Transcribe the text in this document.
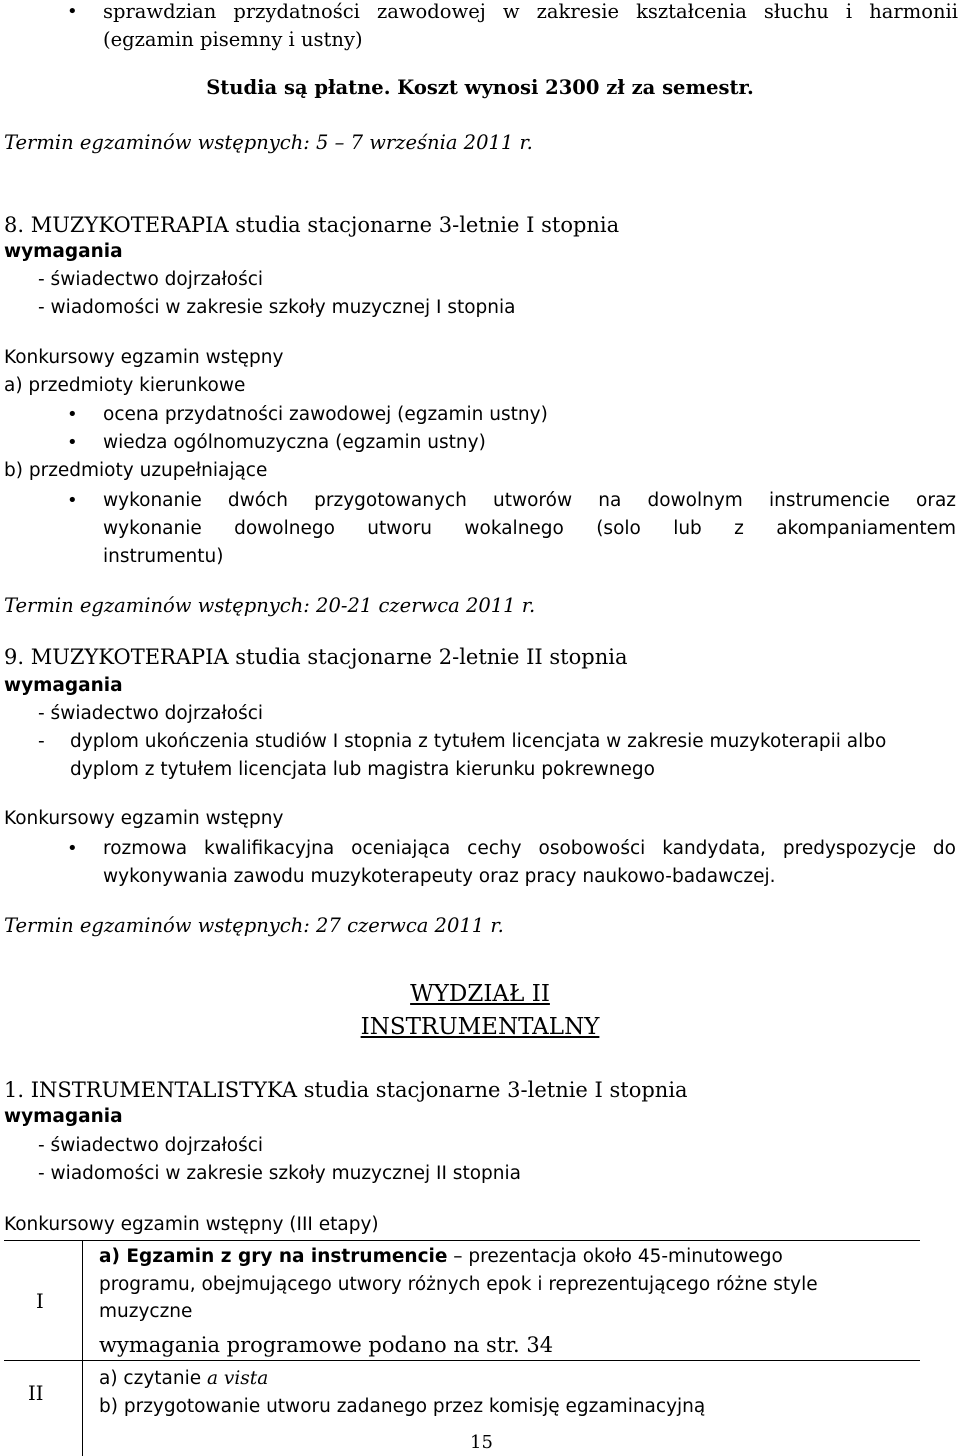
• sprawdzian przydatności zawodowej w zakresie kształcenia słuchu i harmonii
(egzamin pisemny i ustny)
Studia są płatne. Koszt wynosi 2300 zł za semestr.
Termin egzaminów wstępnych: 5 – 7 września 2011 r.
8. MUZYKOTERAPIA studia stacjonarne 3-letnie I stopnia
wymagania
- świadectwo dojrzałości
- wiadomości w zakresie szkoły muzycznej I stopnia
Konkursowy egzamin wstępny
a) przedmioty kierunkowe
• ocena przydatności zawodowej (egzamin ustny)
• wiedza ogólnomuzyczna (egzamin ustny)
b) przedmioty uzupełniające
• wykonanie dwóch przygotowanych utworów na dowolnym instrumencie oraz
wykonanie dowolnego utworu wokalnego (solo lub z akompaniamentem
instrumentu)
Termin egzaminów wstępnych: 20-21 czerwca 2011 r.
9. MUZYKOTERAPIA studia stacjonarne 2-letnie II stopnia
wymagania
- świadectwo dojrzałości
- dyplom ukończenia studiów I stopnia z tytułem licencjata w zakresie muzykoterapii albo
dyplom z tytułem licencjata lub magistra kierunku pokrewnego
Konkursowy egzamin wstępny
• rozmowa kwalifikacyjna oceniająca cechy osobowości kandydata, predyspozycje do
wykonywania zawodu muzykoterapeuty oraz pracy naukowo-badawczej.
Termin egzaminów wstępnych: 27 czerwca 2011 r.
WYDZIAŁ II
INSTRUMENTALNY
1. INSTRUMENTALISTYKA studia stacjonarne 3-letnie I stopnia
wymagania
- świadectwo dojrzałości
- wiadomości w zakresie szkoły muzycznej II stopnia
Konkursowy egzamin wstępny (III etapy)
I
a) Egzamin z gry na instrumencie – prezentacja około 45-minutowego
programu, obejmującego utwory różnych epok i reprezentującego różne style
muzyczne
wymagania programowe podano na str. 34
II
a) czytanie a vista
b) przygotowanie utworu zadanego przez komisję egzaminacyjną
15
